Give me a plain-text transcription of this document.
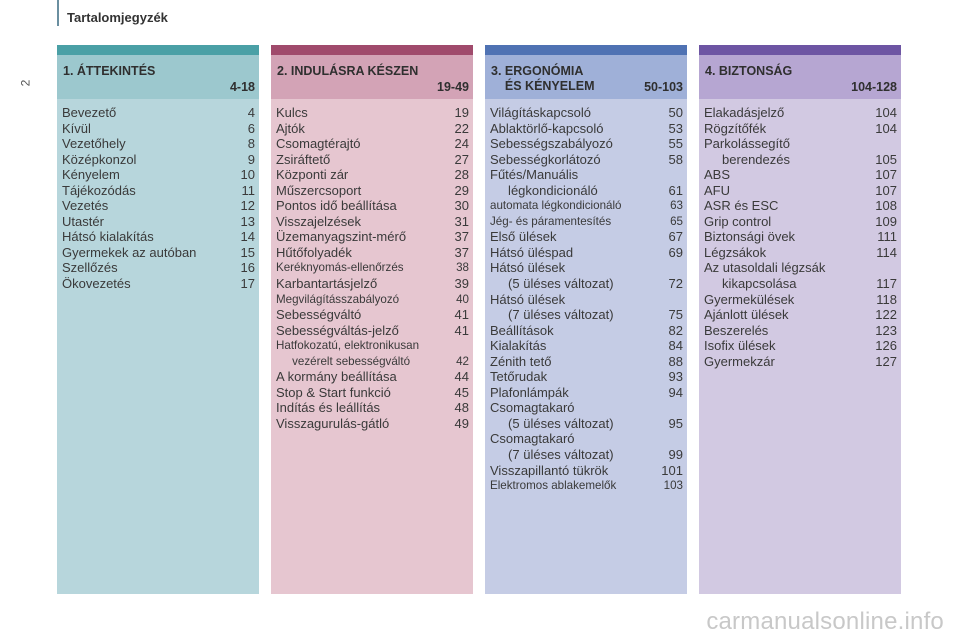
Tartalomjegyzék
2
1. ÁTTEKINTÉS
4-18
Bevezető	4
Kívül	6
Vezetőhely	8
Középkonzol	9
Kényelem	10
Tájékozódás	11
Vezetés	12
Utastér	13
Hátsó kialakítás	14
Gyermekek az autóban	15
Szellőzés	16
Ökovezetés	17
2. INDULÁSRA KÉSZEN
19-49
Kulcs	19
Ajtók	22
Csomagtérajtó	24
Zsiráftető	27
Központi zár	28
Műszercsoport	29
Pontos idő beállítása	30
Visszajelzések	31
Üzemanyagszint-mérő	37
Hűtőfolyadék	37
Keréknyomás-ellenőrzés	38
Karbantartásjelző	39
Megvilágításszabályozó	40
Sebességváltó	41
Sebességváltás-jelző	41
Hatfokozatú, elektronikusan
vezérelt sebességváltó	42
A kormány beállítása	44
Stop & Start funkció	45
Indítás és leállítás	48
Visszagurulás-gátló	49
3. ERGONÓMIA
ÉS KÉNYELEM	50-103
Világításkapcsoló	50
Ablaktörlő-kapcsoló	53
Sebességszabályozó	55
Sebességkorlátozó	58
Fűtés/Manuális
légkondicionáló	61
automata légkondicionáló	63
Jég- és páramentesítés	65
Első ülések	67
Hátsó üléspad	69
Hátsó ülések
(5 üléses változat)	72
Hátsó ülések
(7 üléses változat)	75
Beállítások	82
Kialakítás	84
Zénith tető	88
Tetőrudak	93
Plafonlámpák	94
Csomagtakaró
(5 üléses változat)	95
Csomagtakaró
(7 üléses változat)	99
Visszapillantó tükrök	101
Elektromos ablakemelők	103
4. BIZTONSÁG
104-128
Elakadásjelző	104
Rögzítőfék	104
Parkolássegítő
berendezés	105
ABS	107
AFU	107
ASR és ESC	108
Grip control	109
Biztonsági övek	111
Légzsákok	114
Az utasoldali légzsák
kikapcsolása	117
Gyermekülések	118
Ajánlott ülések	122
Beszerelés	123
Isofix ülések	126
Gyermekzár	127
carmanualsonline.info
